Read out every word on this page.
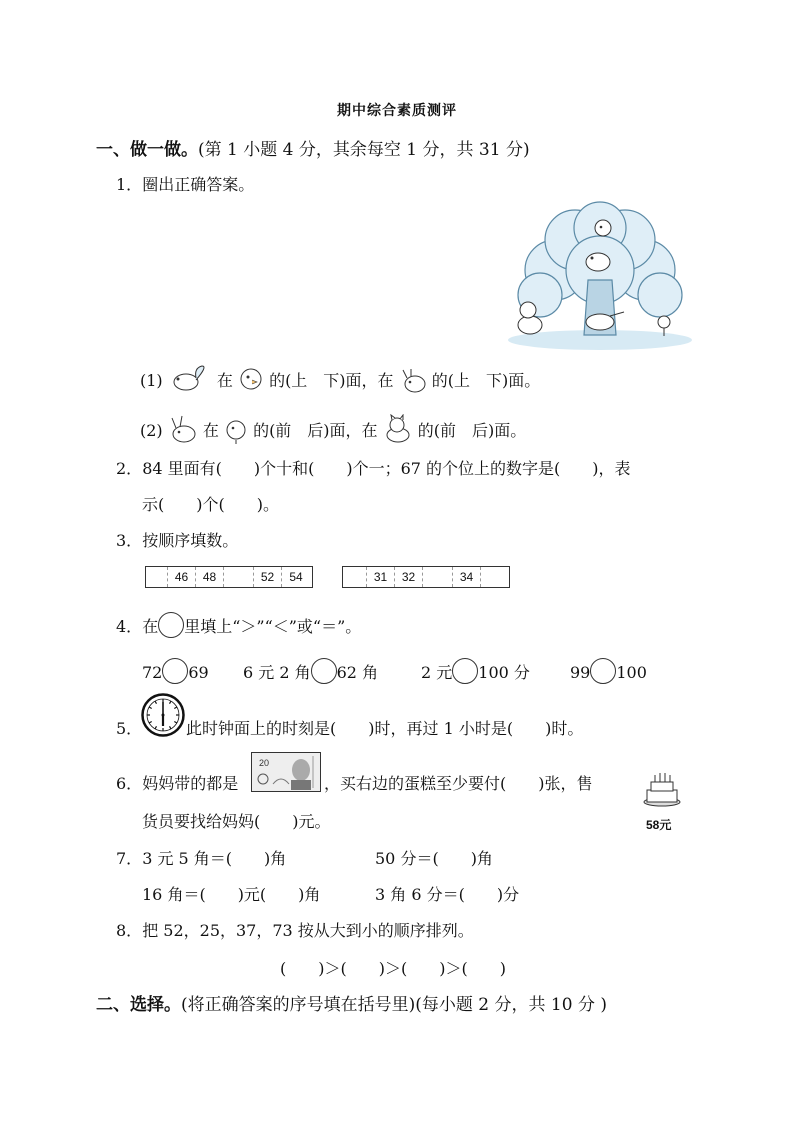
期中综合素质测评
一、做一做。(第 1 小题 4 分，其余每空 1 分，共 31 分)
1．圈出正确答案。
(1)	在 的(上　下)面，在 的(上　下)面。
(2)	在 的(前　后)面，在	的(前　后)面。
2．84 里面有(　　)个十和(　　)个一；67 的个位上的数字是(　　)，表
示(　　)个(　　)。
3．按顺序填数。
46	48	52	54	31	32	34
4．在 里填上“＞”“＜”或“＝”。
72 69 6 元 2 角 62 角	2 元 100 分	99 100
5．	此时钟面上的时刻是(　　)时，再过 1 小时是(　　)时。
6．妈妈带的都是
20
，买右边的蛋糕至少要付(　　)张，售
58元
货员要找给妈妈(　　)元。
7．3 元 5 角＝(　　)角	50 分＝(　　)角
16 角＝(　　)元(　　)角	3 角 6 分＝(　　)分
8．把 52，25，37，73 按从大到小的顺序排列。
(　　)＞(　　)＞(　　)＞(　　)
二、选择。(将正确答案的序号填在括号里)(每小题 2 分，共 10 分 )
